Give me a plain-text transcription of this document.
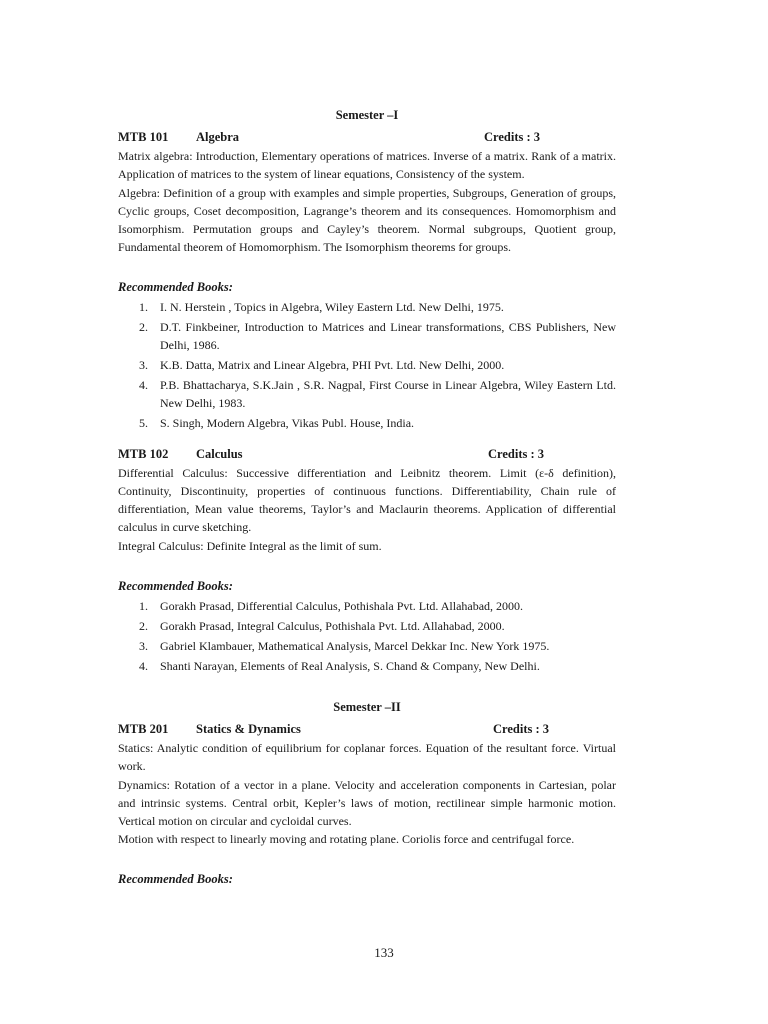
Semester –I
MTB 101 Algebra	Credits : 3

Matrix algebra: Introduction, Elementary operations of matrices. Inverse of a matrix. Rank of a matrix. Application of matrices to the system of linear equations, Consistency of the system.

Algebra: Definition of a group with examples and simple properties, Subgroups, Generation of groups, Cyclic groups, Coset decomposition, Lagrange’s theorem and its consequences. Homomorphism and Isomorphism. Permutation groups and Cayley’s theorem. Normal subgroups, Quotient group, Fundamental theorem of Homomorphism. The Isomorphism theorems for groups.

Recommended Books:
1. I. N. Herstein , Topics in Algebra, Wiley Eastern Ltd. New Delhi, 1975.
2. D.T. Finkbeiner, Introduction to Matrices and Linear transformations, CBS Publishers, New Delhi, 1986.
3. K.B. Datta, Matrix and Linear Algebra, PHI Pvt. Ltd. New Delhi, 2000.
4. P.B. Bhattacharya, S.K.Jain , S.R. Nagpal, First Course in Linear Algebra, Wiley Eastern Ltd. New Delhi, 1983.
5. S. Singh, Modern Algebra, Vikas Publ. House, India.
MTB 102 Calculus	Credits : 3

Differential Calculus: Successive differentiation and Leibnitz theorem. Limit (ε-δ definition), Continuity, Discontinuity, properties of continuous functions. Differentiability, Chain rule of differentiation, Mean value theorems, Taylor’s and Maclaurin theorems. Application of differential calculus in curve sketching.

Integral Calculus: Definite Integral as the limit of sum.

Recommended Books:
1. Gorakh Prasad, Differential Calculus, Pothishala Pvt. Ltd. Allahabad, 2000.
2. Gorakh Prasad, Integral Calculus, Pothishala Pvt. Ltd. Allahabad, 2000.
3. Gabriel Klambauer, Mathematical Analysis, Marcel Dekkar Inc. New York 1975.
4. Shanti Narayan, Elements of Real Analysis, S. Chand & Company, New Delhi.
Semester –II
MTB 201 Statics & Dynamics	Credits : 3

Statics: Analytic condition of equilibrium for coplanar forces. Equation of the resultant force. Virtual work.

Dynamics: Rotation of a vector in a plane. Velocity and acceleration components in Cartesian, polar and intrinsic systems. Central orbit, Kepler’s laws of motion, rectilinear simple harmonic motion. Vertical motion on circular and cycloidal curves.

Motion with respect to linearly moving and rotating plane. Coriolis force and centrifugal force.

Recommended Books:
133
